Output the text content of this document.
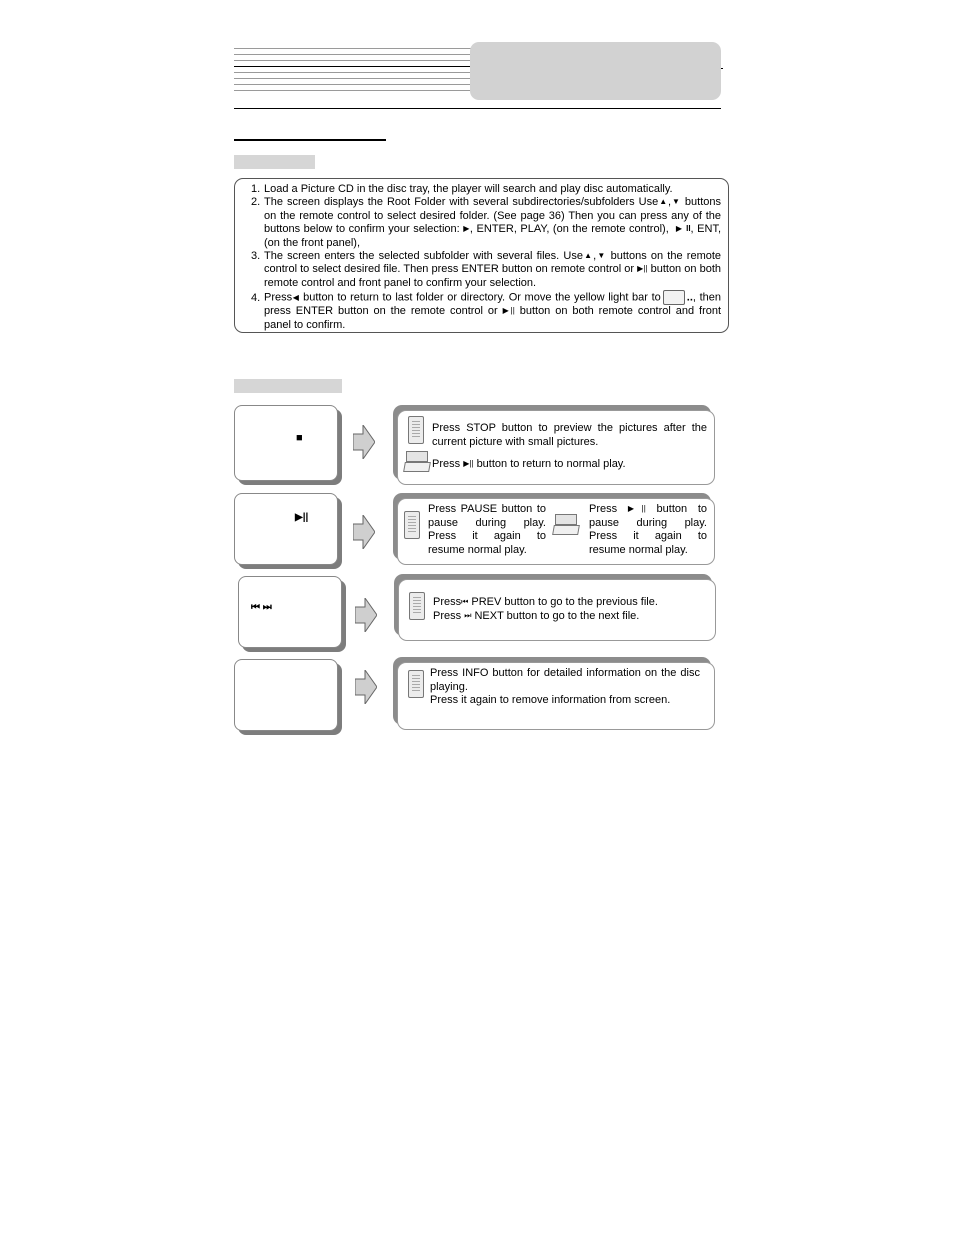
1. Load a Picture CD in the disc tray, the player will search and play disc automatically.
2. The screen displays the Root Folder with several subdirectories/subfolders Use▲,▼ buttons on the remote control to select desired folder. (See page 36) Then you can press any of the buttons below to confirm your selection: ▶, ENTER, PLAY, (on the remote control), ▶ II, ENT, (on the front panel),
3. The screen enters the selected subfolder with several files. Use▲,▼ buttons on the remote control to select desired file. Then press ENTER button on remote control or ▶|| button on both remote control and front panel to confirm your selection.
4. Press◀ button to return to last folder or directory. Or move the yellow light bar to .., then press ENTER button on the remote control or ▶|| button on both remote control and front panel to confirm.
■

Press STOP button to preview the pictures after the current picture with small pictures.

Press ▶|| button to return to normal play.

▶||

Press PAUSE button to pause during play. Press it again to resume normal play.

Press ▶|| button to pause during play. Press it again to resume normal play.

⏮ ⏭	Press⏮ PREV button to go to the previous file.
Press ⏭ NEXT button to go to the next file.

Press INFO button for detailed information on the disc playing.

Press it again to remove information from screen.
